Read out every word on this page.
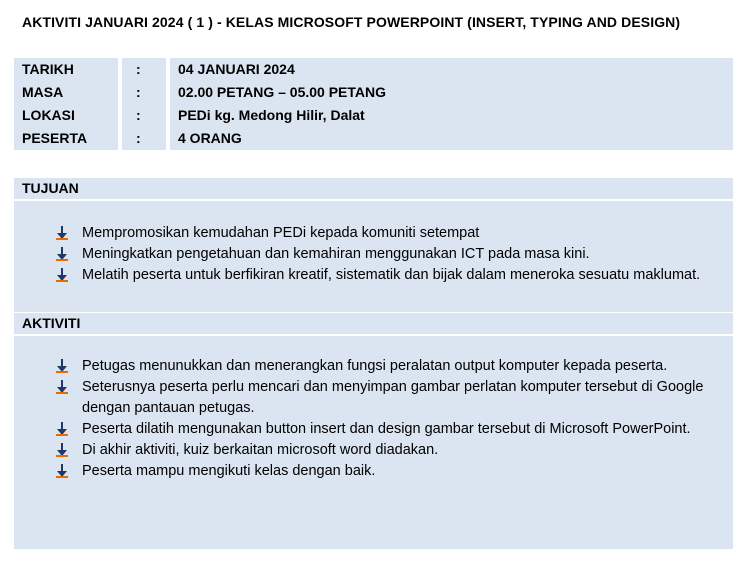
AKTIVITI JANUARI 2024 ( 1 ) - KELAS MICROSOFT POWERPOINT (INSERT, TYPING AND DESIGN)
TARIKH		:		04 JANUARI 2024
MASA		:		02.00 PETANG – 05.00 PETANG
LOKASI		:		PEDi kg. Medong Hilir, Dalat
PESERTA		:		4 ORANG
TUJUAN
Mempromosikan kemudahan PEDi kepada komuniti setempat
Meningkatkan pengetahuan dan kemahiran menggunakan ICT pada masa kini.
Melatih peserta untuk berfikiran kreatif, sistematik dan bijak dalam meneroka sesuatu maklumat.
AKTIVITI
Petugas menunukkan dan menerangkan fungsi peralatan output komputer kepada peserta.
Seterusnya peserta perlu mencari dan menyimpan gambar perlatan komputer tersebut di Google dengan pantauan petugas.
Peserta dilatih mengunakan button insert dan design gambar tersebut di Microsoft PowerPoint.
Di akhir aktiviti, kuiz berkaitan microsoft word diadakan.
Peserta mampu mengikuti kelas dengan baik.
